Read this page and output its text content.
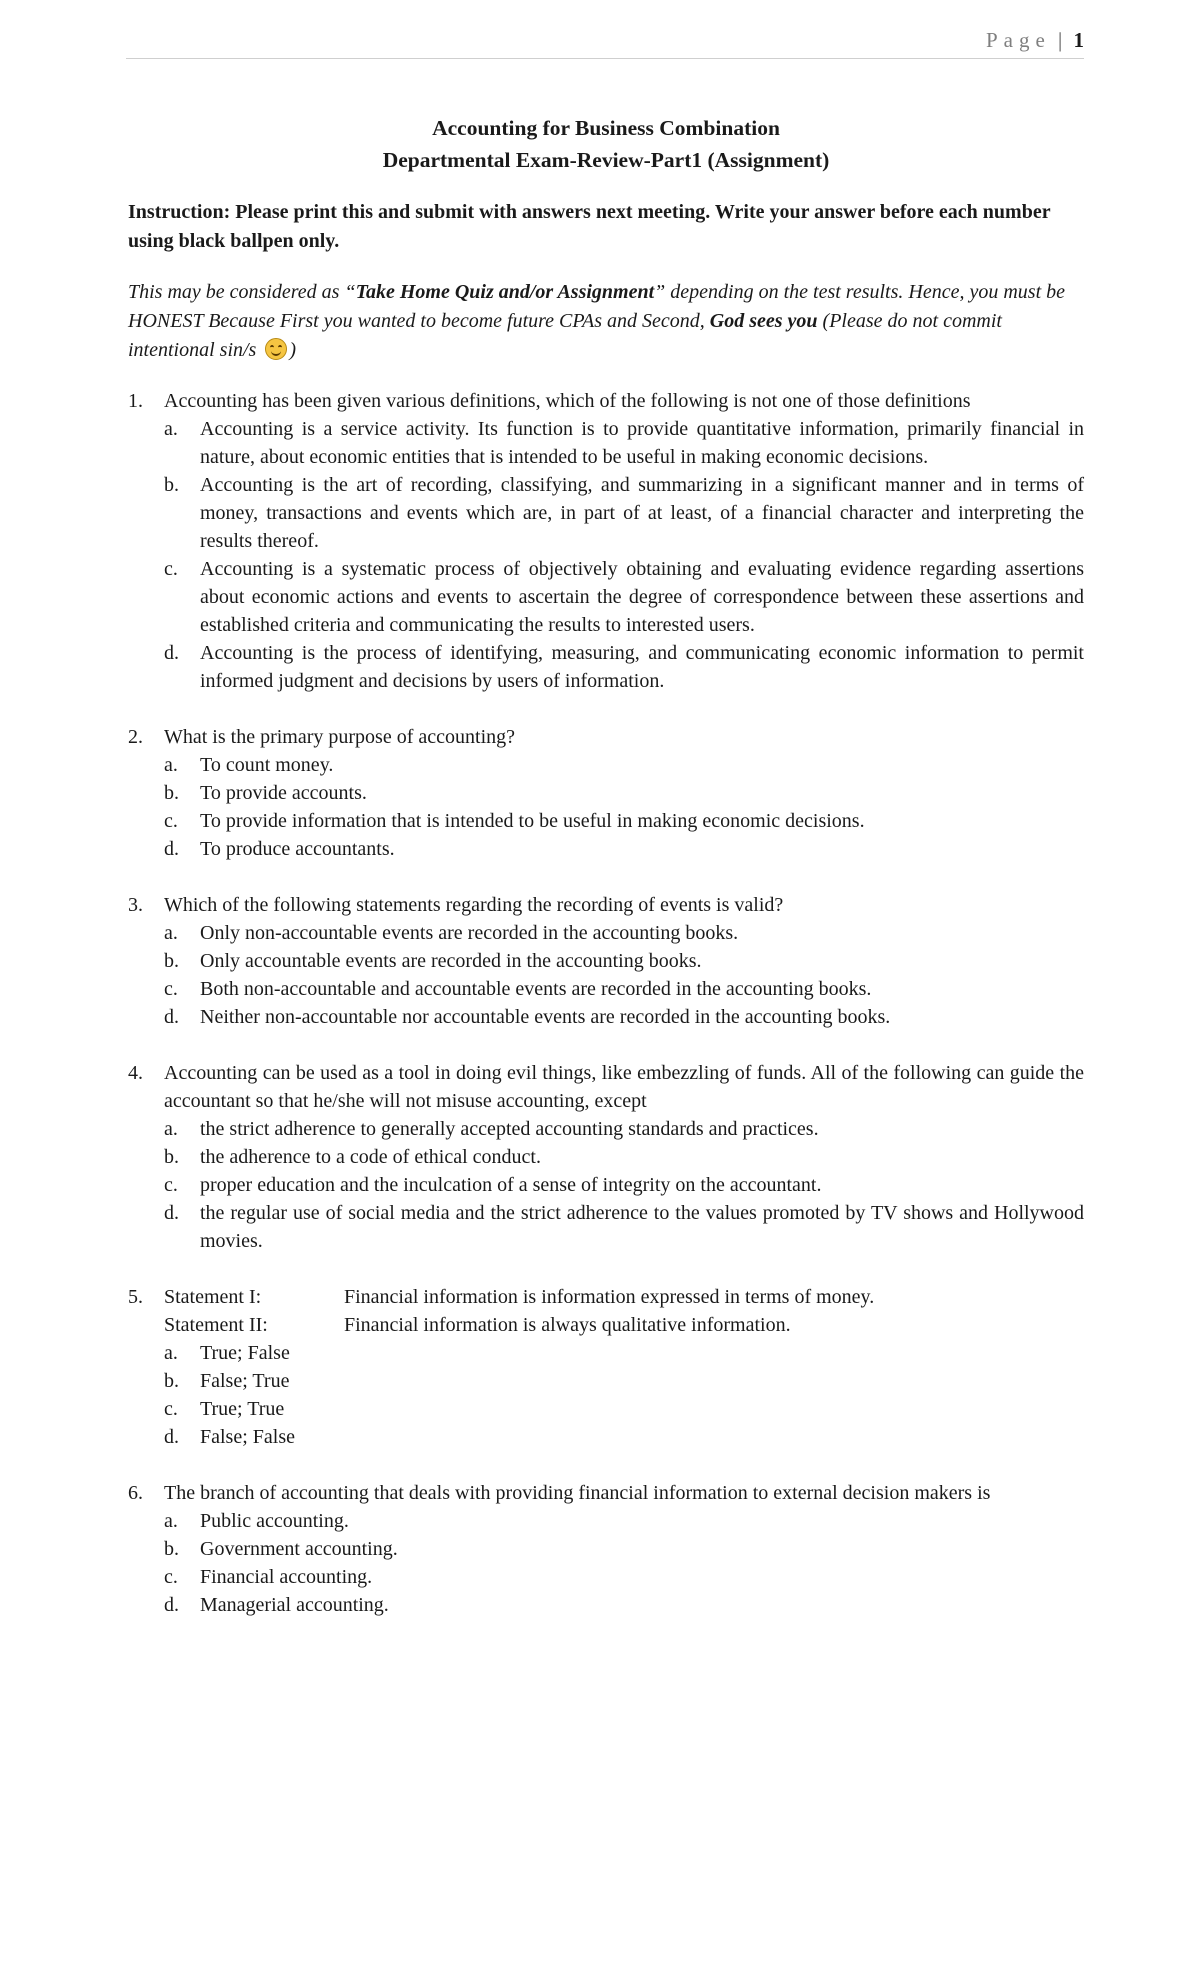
Page | 1
Accounting for Business Combination
Departmental Exam-Review-Part1 (Assignment)
Instruction: Please print this and submit with answers next meeting. Write your answer before each number using black ballpen only.
This may be considered as “Take Home Quiz and/or Assignment” depending on the test results. Hence, you must be HONEST Because First you wanted to become future CPAs and Second, God sees you (Please do not commit intentional sin/s
)
1.	Accounting has been given various definitions, which of the following is not one of those definitions
a.	Accounting is a service activity. Its function is to provide quantitative information, primarily financial in nature, about economic entities that is intended to be useful in making economic decisions.
b.	Accounting is the art of recording, classifying, and summarizing in a significant manner and in terms of money, transactions and events which are, in part of at least, of a financial character and interpreting the results thereof.
c.	Accounting is a systematic process of objectively obtaining and evaluating evidence regarding assertions about economic actions and events to ascertain the degree of correspondence between these assertions and established criteria and communicating the results to interested users.
d.	Accounting is the process of identifying, measuring, and communicating economic information to permit informed judgment and decisions by users of information.
2.	What is the primary purpose of accounting?
a.	To count money.
b.	To provide accounts.
c.	To provide information that is intended to be useful in making economic decisions.
d.	To produce accountants.
3.	Which of the following statements regarding the recording of events is valid?
a.	Only non-accountable events are recorded in the accounting books.
b.	Only accountable events are recorded in the accounting books.
c.	Both non-accountable and accountable events are recorded in the accounting books.
d.	Neither non-accountable nor accountable events are recorded in the accounting books.
4.	Accounting can be used as a tool in doing evil things, like embezzling of funds. All of the following can guide the accountant so that he/she will not misuse accounting, except
a.	the strict adherence to generally accepted accounting standards and practices.
b.	the adherence to a code of ethical conduct.
c.	proper education and the inculcation of a sense of integrity on the accountant.
d.	the regular use of social media and the strict adherence to the values promoted by TV shows and Hollywood movies.
5.	Statement I:	Financial information is information expressed in terms of money.
Statement II:	Financial information is always qualitative information.
a.	True; False
b.	False; True
c.	True; True
d.	False; False
6.	The branch of accounting that deals with providing financial information to external decision makers is
a.	Public accounting.
b.	Government accounting.
c.	Financial accounting.
d.	Managerial accounting.
